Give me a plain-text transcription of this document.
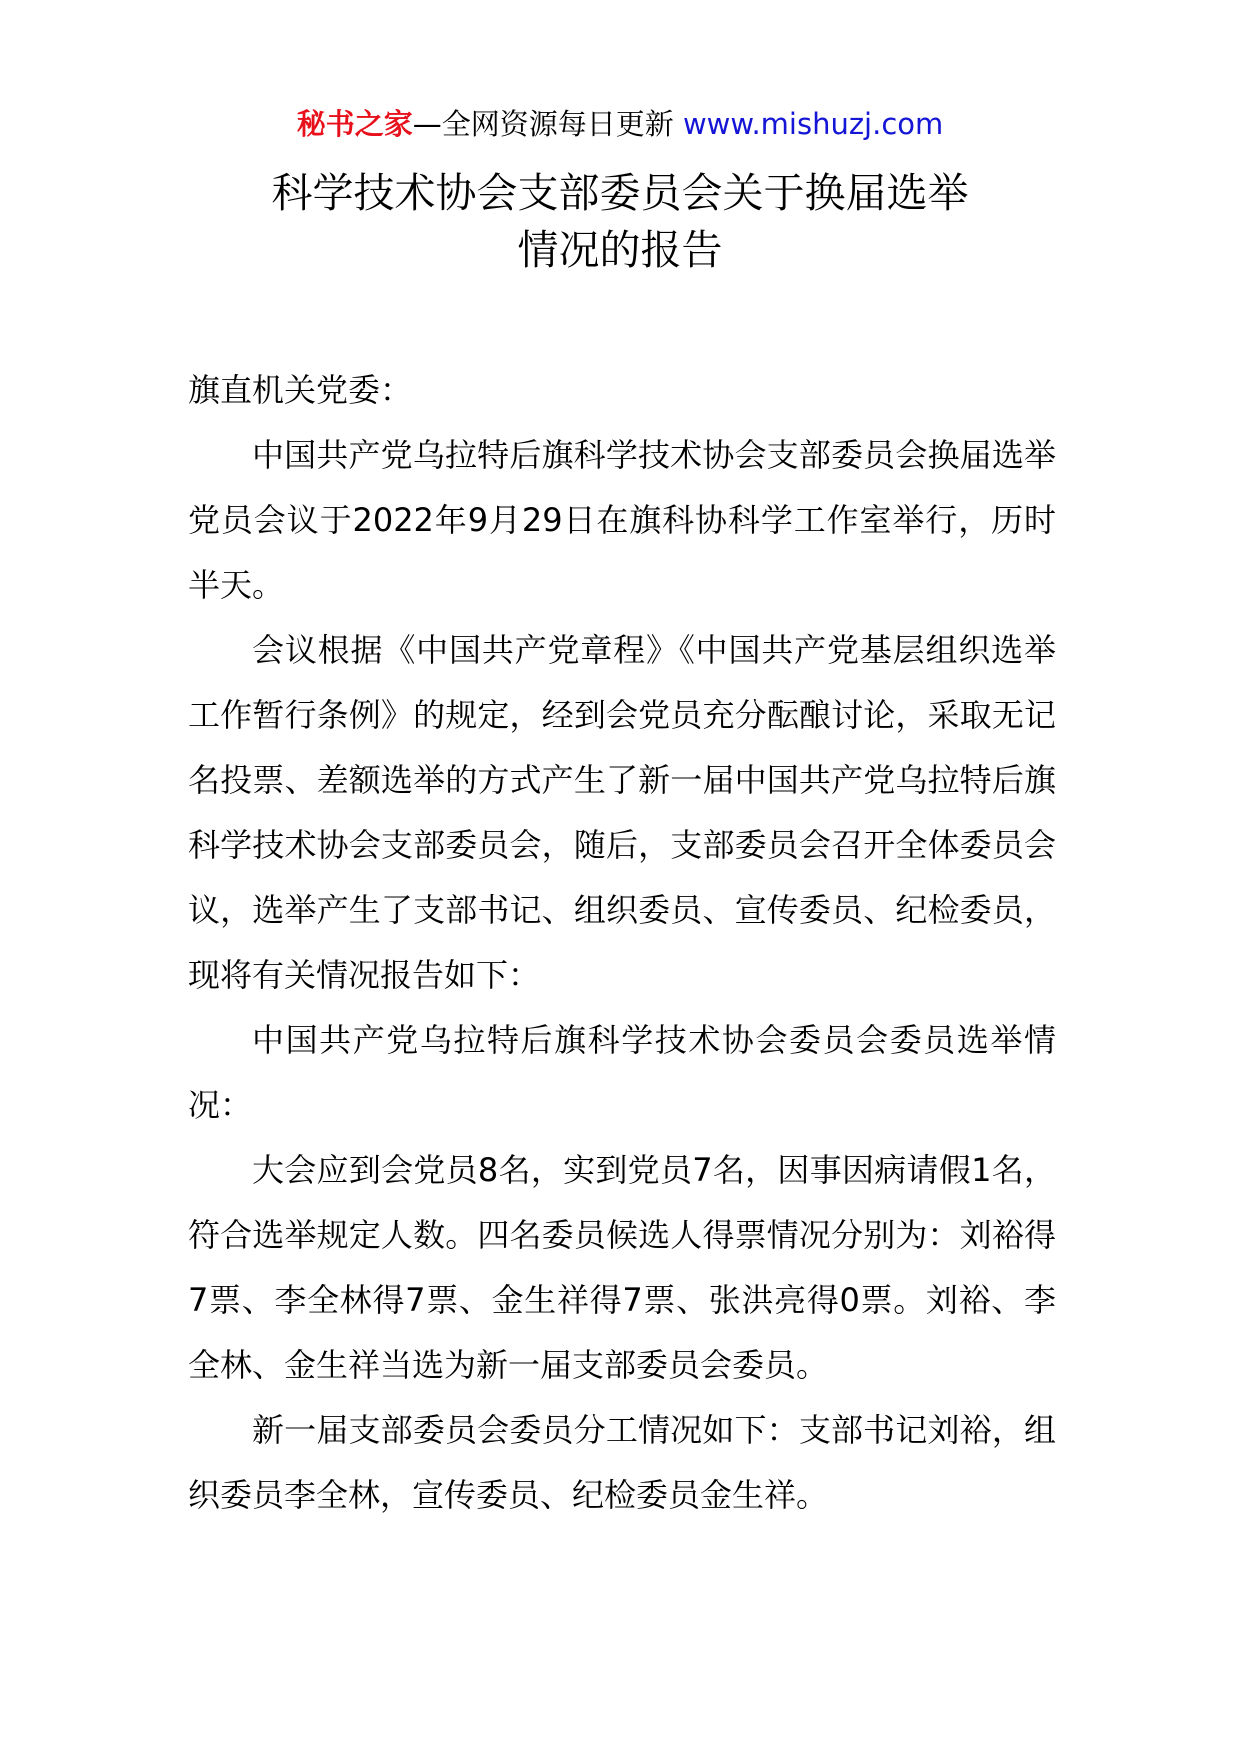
秘书之家—全网资源每日更新 www.mishuzj.com
科学技术协会支部委员会关于换届选举
情况的报告

旗直机关党委：

中国共产党乌拉特后旗科学技术协会支部委员会换届选举党员会议于2022年9月29日在旗科协科学工作室举行，历时半天。

会议根据《中国共产党章程》《中国共产党基层组织选举工作暂行条例》的规定，经到会党员充分酝酿讨论，采取无记名投票、差额选举的方式产生了新一届中国共产党乌拉特后旗科学技术协会支部委员会，随后，支部委员会召开全体委员会议，选举产生了支部书记、组织委员、宣传委员、纪检委员，现将有关情况报告如下：

中国共产党乌拉特后旗科学技术协会委员会委员选举情况：

大会应到会党员8名，实到党员7名，因事因病请假1名，符合选举规定人数。四名委员候选人得票情况分别为：刘裕得7票、李全林得7票、金生祥得7票、张洪亮得0票。刘裕、李全林、金生祥当选为新一届支部委员会委员。

新一届支部委员会委员分工情况如下：支部书记刘裕，组织委员李全林，宣传委员、纪检委员金生祥。
